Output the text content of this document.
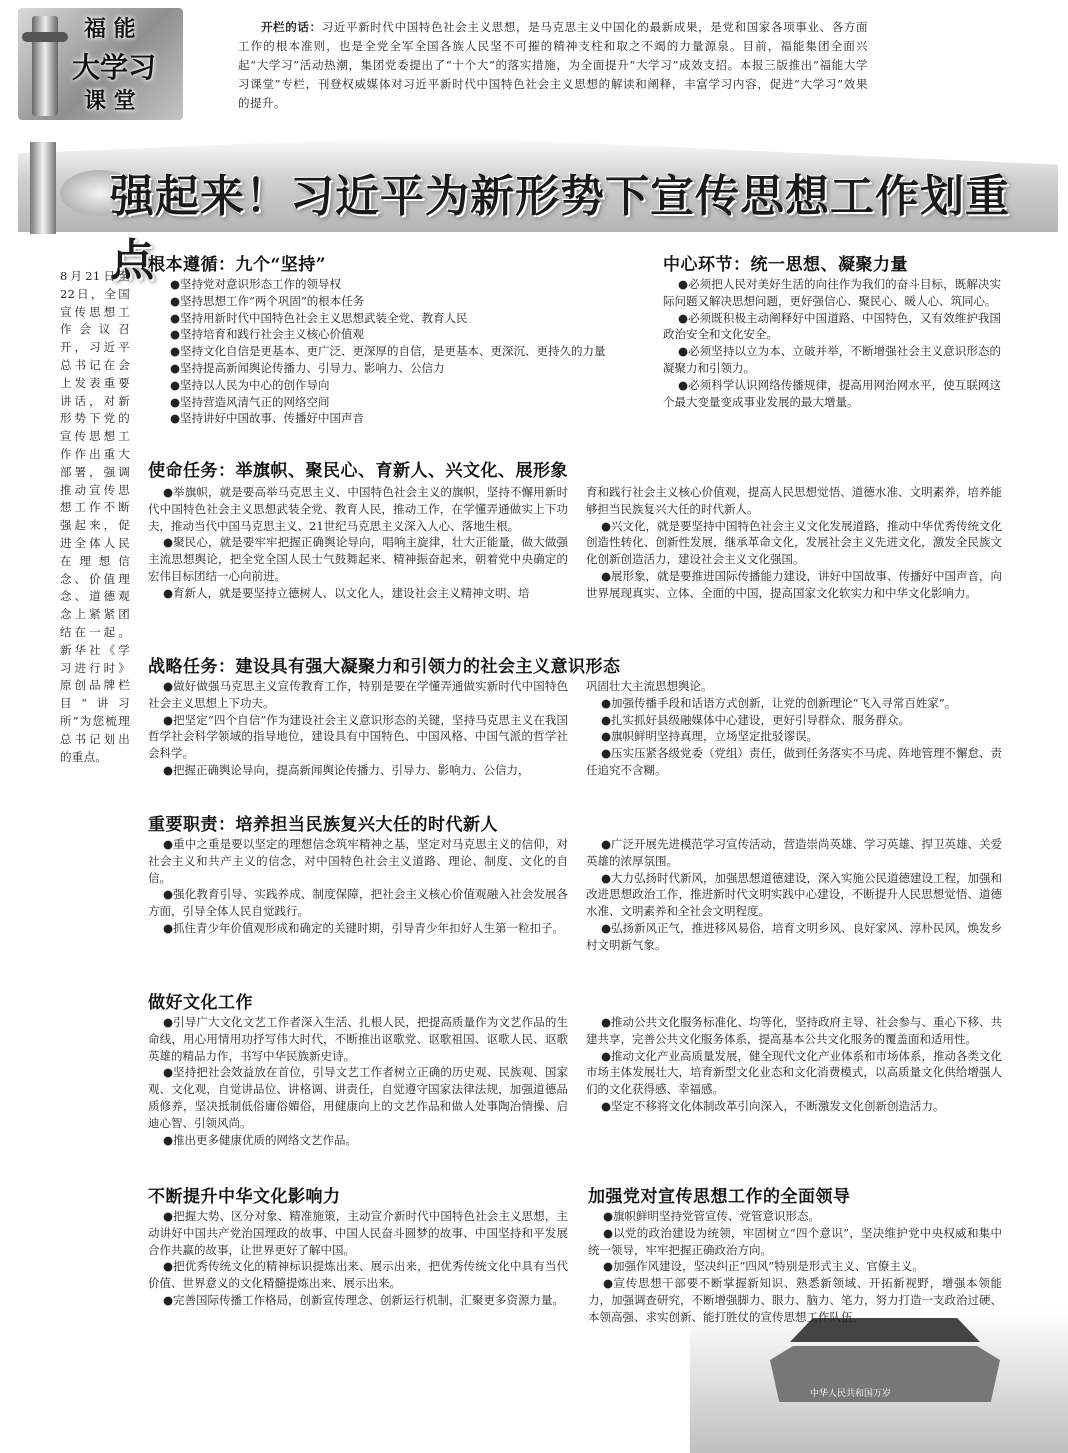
福 能
大学习
课 堂
开栏的话：习近平新时代中国特色社会主义思想，是马克思主义中国化的最新成果，是党和国家各项事业、各方面工作的根本准则，也是全党全军全国各族人民坚不可摧的精神支柱和取之不竭的力量源泉。目前，福能集团全面兴起“大学习”活动热潮，集团党委提出了“十个大”的落实措施，为全面提升“大学习”成效支招。本报三版推出“福能大学习课堂”专栏，刊登权威媒体对习近平新时代中国特色社会主义思想的解读和阐释，丰富学习内容，促进“大学习”效果的提升。
强起来！习近平为新形势下宣传思想工作划重点
8月21日至22日，全国宣传思想工作会议召开，习近平总书记在会上发表重要讲话，对新形势下党的宣传思想工作作出重大部署，强调推动宣传思想工作不断强起来，促进全体人民在理想信念、价值理念、道德观念上紧紧团结在一起。新华社《学习进行时》原创品牌栏目“讲习所”为您梳理总书记划出的重点。
根本遵循：九个“坚持”
●坚持党对意识形态工作的领导权
●坚持思想工作“两个巩固”的根本任务
●坚持用新时代中国特色社会主义思想武装全党、教育人民
●坚持培育和践行社会主义核心价值观
●坚持文化自信是更基本、更广泛、更深厚的自信，是更基本、更深沉、更持久的力量
●坚持提高新闻舆论传播力、引导力、影响力、公信力
●坚持以人民为中心的创作导向
●坚持营造风清气正的网络空间
●坚持讲好中国故事、传播好中国声音
中心环节：统一思想、凝聚力量

●必须把人民对美好生活的向往作为我们的奋斗目标，既解决实际问题又解决思想问题，更好强信心、聚民心、暖人心、筑同心。

●必须既积极主动阐释好中国道路、中国特色，又有效维护我国政治安全和文化安全。

●必须坚持以立为本、立破并举，不断增强社会主义意识形态的凝聚力和引领力。

●必须科学认识网络传播规律，提高用网治网水平，使互联网这个最大变量变成事业发展的最大增量。

使命任务：举旗帜、聚民心、育新人、兴文化、展形象

●举旗帜，就是要高举马克思主义、中国特色社会主义的旗帜，坚持不懈用新时代中国特色社会主义思想武装全党、教育人民，推动工作，在学懂弄通做实上下功夫，推动当代中国马克思主义、21世纪马克思主义深入人心、落地生根。

●聚民心，就是要牢牢把握正确舆论导向，唱响主旋律，壮大正能量，做大做强主流思想舆论，把全党全国人民士气鼓舞起来、精神振奋起来，朝着党中央确定的宏伟目标团结一心向前进。

●育新人，就是要坚持立德树人、以文化人，建设社会主义精神文明、培

育和践行社会主义核心价值观，提高人民思想觉悟、道德水准、文明素养，培养能够担当民族复兴大任的时代新人。

●兴文化，就是要坚持中国特色社会主义文化发展道路，推动中华优秀传统文化创造性转化、创新性发展，继承革命文化，发展社会主义先进文化，激发全民族文化创新创造活力，建设社会主义文化强国。

●展形象，就是要推进国际传播能力建设，讲好中国故事、传播好中国声音，向世界展现真实、立体、全面的中国，提高国家文化软实力和中华文化影响力。

战略任务：建设具有强大凝聚力和引领力的社会主义意识形态

●做好做强马克思主义宣传教育工作，特别是要在学懂弄通做实新时代中国特色社会主义思想上下功夫。

●把坚定“四个自信”作为建设社会主义意识形态的关键，坚持马克思主义在我国哲学社会科学领域的指导地位，建设具有中国特色、中国风格、中国气派的哲学社会科学。

●把握正确舆论导向，提高新闻舆论传播力、引导力、影响力、公信力，

巩固壮大主流思想舆论。

●加强传播手段和话语方式创新，让党的创新理论“飞入寻常百姓家”。

●扎实抓好县级融媒体中心建设，更好引导群众、服务群众。

●旗帜鲜明坚持真理，立场坚定批驳谬误。

●压实压紧各级党委（党组）责任，做到任务落实不马虎、阵地管理不懈怠、责任追究不含糊。

重要职责：培养担当民族复兴大任的时代新人

●重中之重是要以坚定的理想信念筑牢精神之基，坚定对马克思主义的信仰，对社会主义和共产主义的信念，对中国特色社会主义道路、理论、制度、文化的自信。

●强化教育引导、实践养成、制度保障，把社会主义核心价值观融入社会发展各方面，引导全体人民自觉践行。

●抓住青少年价值观形成和确定的关键时期，引导青少年扣好人生第一粒扣子。

●广泛开展先进模范学习宣传活动，营造崇尚英雄、学习英雄、捍卫英雄、关爱英雄的浓厚氛围。

●大力弘扬时代新风，加强思想道德建设，深入实施公民道德建设工程，加强和改进思想政治工作，推进新时代文明实践中心建设，不断提升人民思想觉悟、道德水准、文明素养和全社会文明程度。

●弘扬新风正气，推进移风易俗，培育文明乡风、良好家风、淳朴民风，焕发乡村文明新气象。

做好文化工作

●引导广大文化文艺工作者深入生活、扎根人民，把提高质量作为文艺作品的生命线，用心用情用功抒写伟大时代，不断推出讴歌党、讴歌祖国、讴歌人民、讴歌英雄的精品力作，书写中华民族新史诗。

●坚持把社会效益放在首位，引导文艺工作者树立正确的历史观、民族观、国家观、文化观，自觉讲品位、讲格调、讲责任，自觉遵守国家法律法规，加强道德品质修养，坚决抵制低俗庸俗媚俗，用健康向上的文艺作品和做人处事陶冶情操、启迪心智、引领风尚。

●推出更多健康优质的网络文艺作品。

●推动公共文化服务标准化、均等化，坚持政府主导、社会参与、重心下移、共建共享，完善公共文化服务体系，提高基本公共文化服务的覆盖面和适用性。

●推动文化产业高质量发展，健全现代文化产业体系和市场体系，推动各类文化市场主体发展壮大，培育新型文化业态和文化消费模式，以高质量文化供给增强人们的文化获得感、幸福感。

●坚定不移将文化体制改革引向深入，不断激发文化创新创造活力。

不断提升中华文化影响力

●把握大势、区分对象、精准施策，主动宣介新时代中国特色社会主义思想，主动讲好中国共产党治国理政的故事、中国人民奋斗圆梦的故事、中国坚持和平发展合作共赢的故事，让世界更好了解中国。

●把优秀传统文化的精神标识提炼出来、展示出来，把优秀传统文化中具有当代价值、世界意义的文化精髓提炼出来、展示出来。

●完善国际传播工作格局，创新宣传理念、创新运行机制，汇聚更多资源力量。

中华人民共和国万岁
加强党对宣传思想工作的全面领导

●旗帜鲜明坚持党管宣传、党管意识形态。

●以党的政治建设为统领，牢固树立“四个意识”，坚决维护党中央权威和集中统一领导，牢牢把握正确政治方向。

●加强作风建设，坚决纠正“四风”特别是形式主义、官僚主义。

●宣传思想干部要不断掌握新知识、熟悉新领域、开拓新视野，增强本领能力，加强调查研究，不断增强脚力、眼力、脑力、笔力，努力打造一支政治过硬、本领高强、求实创新、能打胜仗的宣传思想工作队伍。
